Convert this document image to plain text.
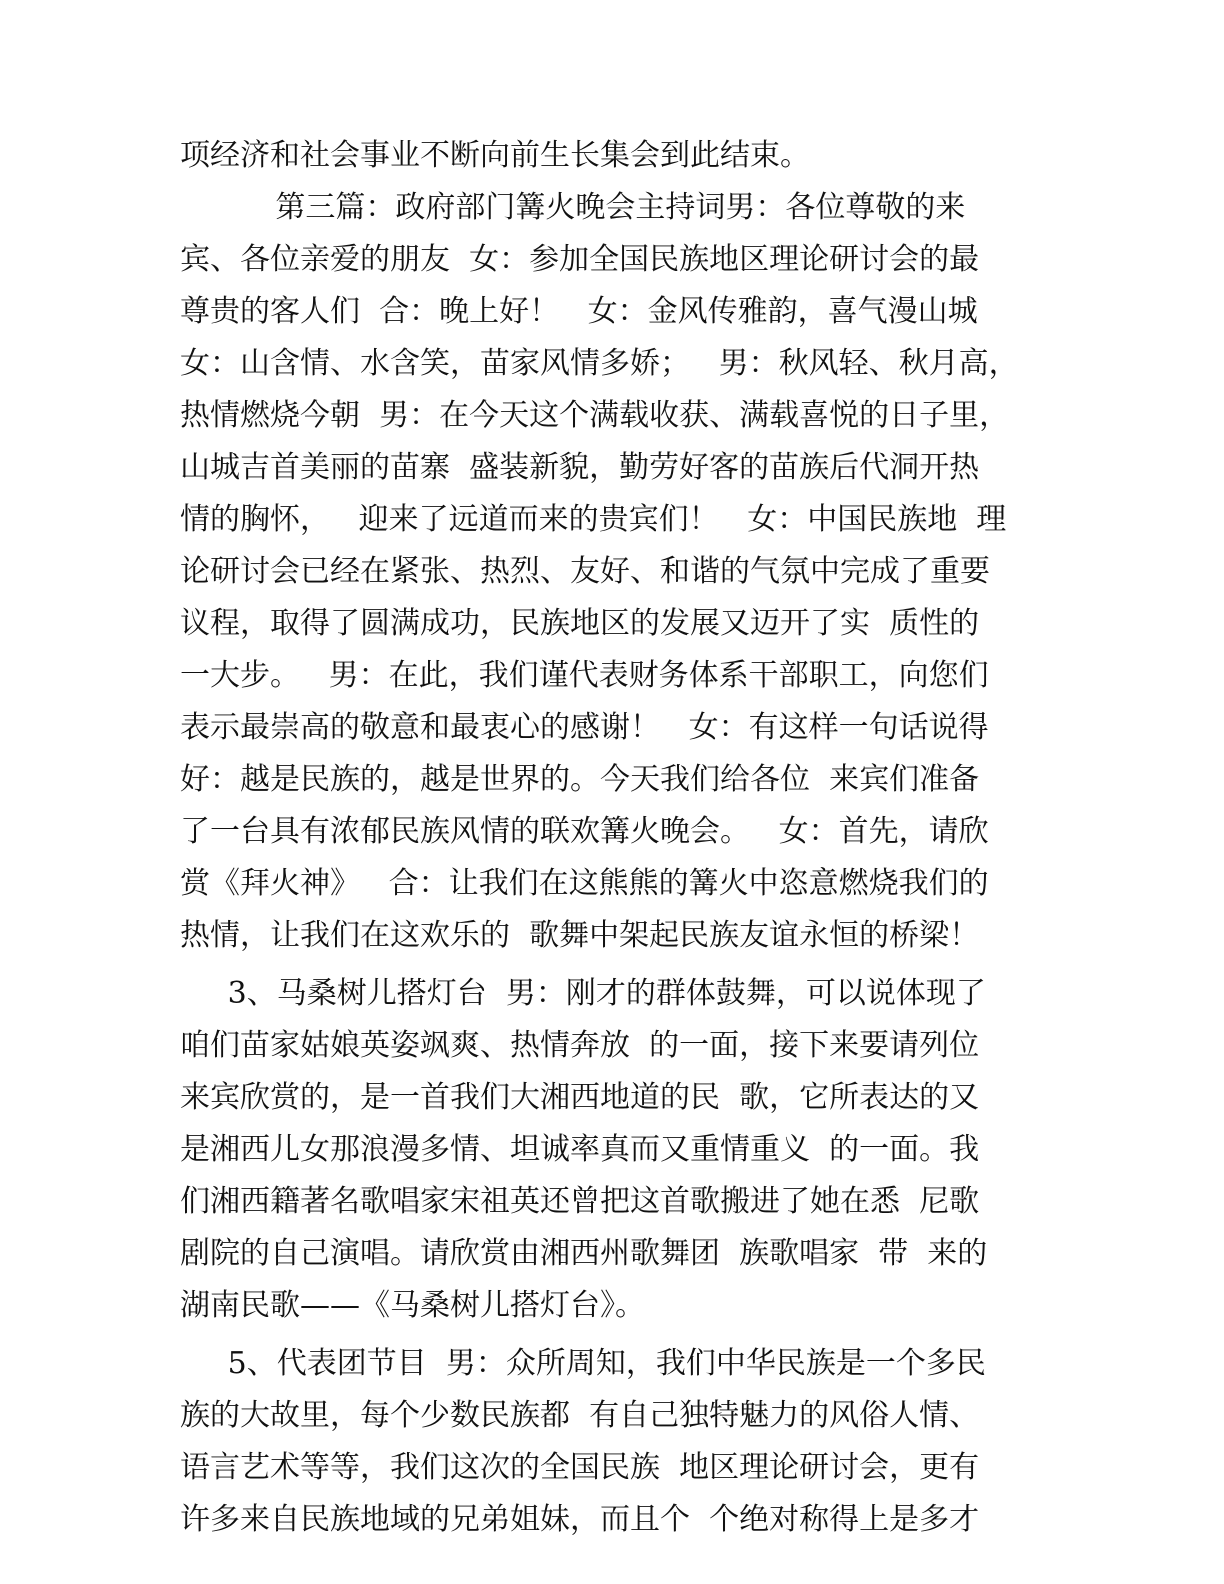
项经济和社会事业不断向前生长集会到此结束。
第三篇：政府部门篝火晚会主持词男：各位尊敬的来
宾、各位亲爱的朋友  女：参加全国民族地区理论研讨会的最
尊贵的客人们  合：晚上好！   女：金风传雅韵，喜气漫山城
女：山含情、水含笑，苗家风情多娇；   男：秋风轻、秋月高，
热情燃烧今朝  男：在今天这个满载收获、满载喜悦的日子里，
山城吉首美丽的苗寨  盛装新貌，勤劳好客的苗族后代洞开热
情的胸怀，   迎来了远道而来的贵宾们！   女：中国民族地  理
论研讨会已经在紧张、热烈、友好、和谐的气氛中完成了重要
议程，取得了圆满成功，民族地区的发展又迈开了实  质性的
一大步。   男：在此，我们谨代表财务体系干部职工，向您们
表示最崇高的敬意和最衷心的感谢！   女：有这样一句话说得
好：越是民族的，越是世界的。今天我们给各位  来宾们准备
了一台具有浓郁民族风情的联欢篝火晚会。   女：首先，请欣
赏《拜火神》   合：让我们在这熊熊的篝火中恣意燃烧我们的
热情，让我们在这欢乐的  歌舞中架起民族友谊永恒的桥梁！
3、马桑树儿搭灯台  男：刚才的群体鼓舞，可以说体现了
咱们苗家姑娘英姿飒爽、热情奔放  的一面，接下来要请列位
来宾欣赏的，是一首我们大湘西地道的民  歌，它所表达的又
是湘西儿女那浪漫多情、坦诚率真而又重情重义  的一面。我
们湘西籍著名歌唱家宋祖英还曾把这首歌搬进了她在悉  尼歌
剧院的自己演唱。请欣赏由湘西州歌舞团  族歌唱家  带  来的
湖南民歌——《马桑树儿搭灯台》。
5、代表团节目  男：众所周知，我们中华民族是一个多民
族的大故里，每个少数民族都  有自己独特魅力的风俗人情、
语言艺术等等，我们这次的全国民族  地区理论研讨会，更有
许多来自民族地域的兄弟姐妹，而且个  个绝对称得上是多才
